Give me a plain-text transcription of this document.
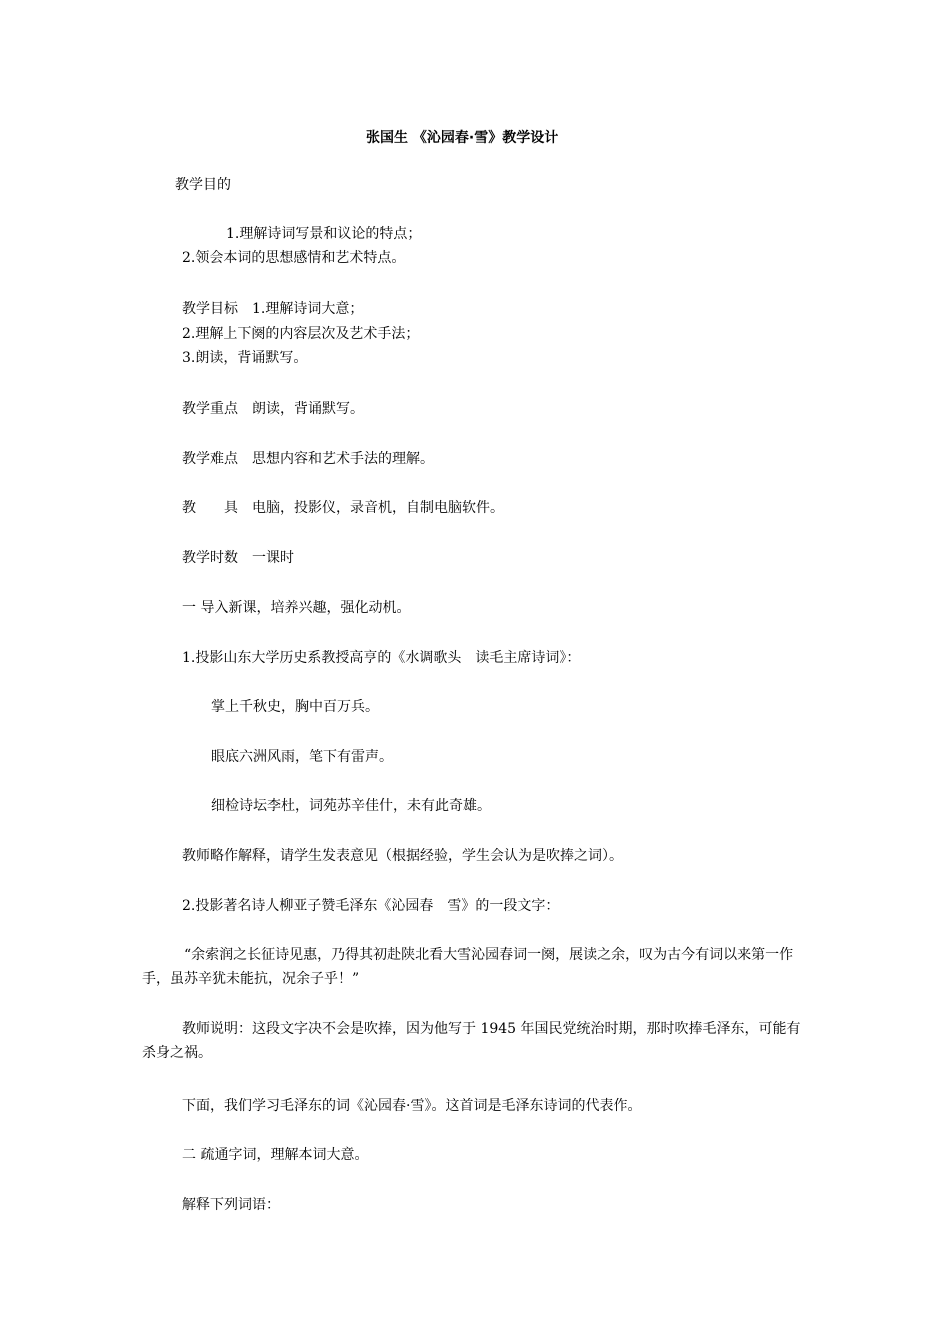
张国生 《沁园春·雪》教学设计
教学目的
1.理解诗词写景和议论的特点；
2.领会本词的思想感情和艺术特点。
教学目标　1.理解诗词大意；
2.理解上下阕的内容层次及艺术手法；
3.朗读，背诵默写。
教学重点　朗读，背诵默写。
教学难点　思想内容和艺术手法的理解。
教　　具　电脑，投影仪，录音机，自制电脑软件。
教学时数　一课时
一 导入新课，培养兴趣，强化动机。
1.投影山东大学历史系教授高亨的《水调歌头　读毛主席诗词》：
掌上千秋史，胸中百万兵。
眼底六洲风雨，笔下有雷声。
细检诗坛李杜，词苑苏辛佳什，未有此奇雄。
教师略作解释，请学生发表意见（根据经验，学生会认为是吹捧之词）。
2.投影著名诗人柳亚子赞毛泽东《沁园春　雪》的一段文字：
“余索润之长征诗见惠，乃得其初赴陕北看大雪沁园春词一阕，展读之余，叹为古今有词以来第一作手，虽苏辛犹未能抗，况余子乎！”
教师说明：这段文字决不会是吹捧，因为他写于 1945 年国民党统治时期，那时吹捧毛泽东，可能有杀身之祸。
下面，我们学习毛泽东的词《沁园春·雪》。这首词是毛泽东诗词的代表作。
二 疏通字词，理解本词大意。
解释下列词语：
